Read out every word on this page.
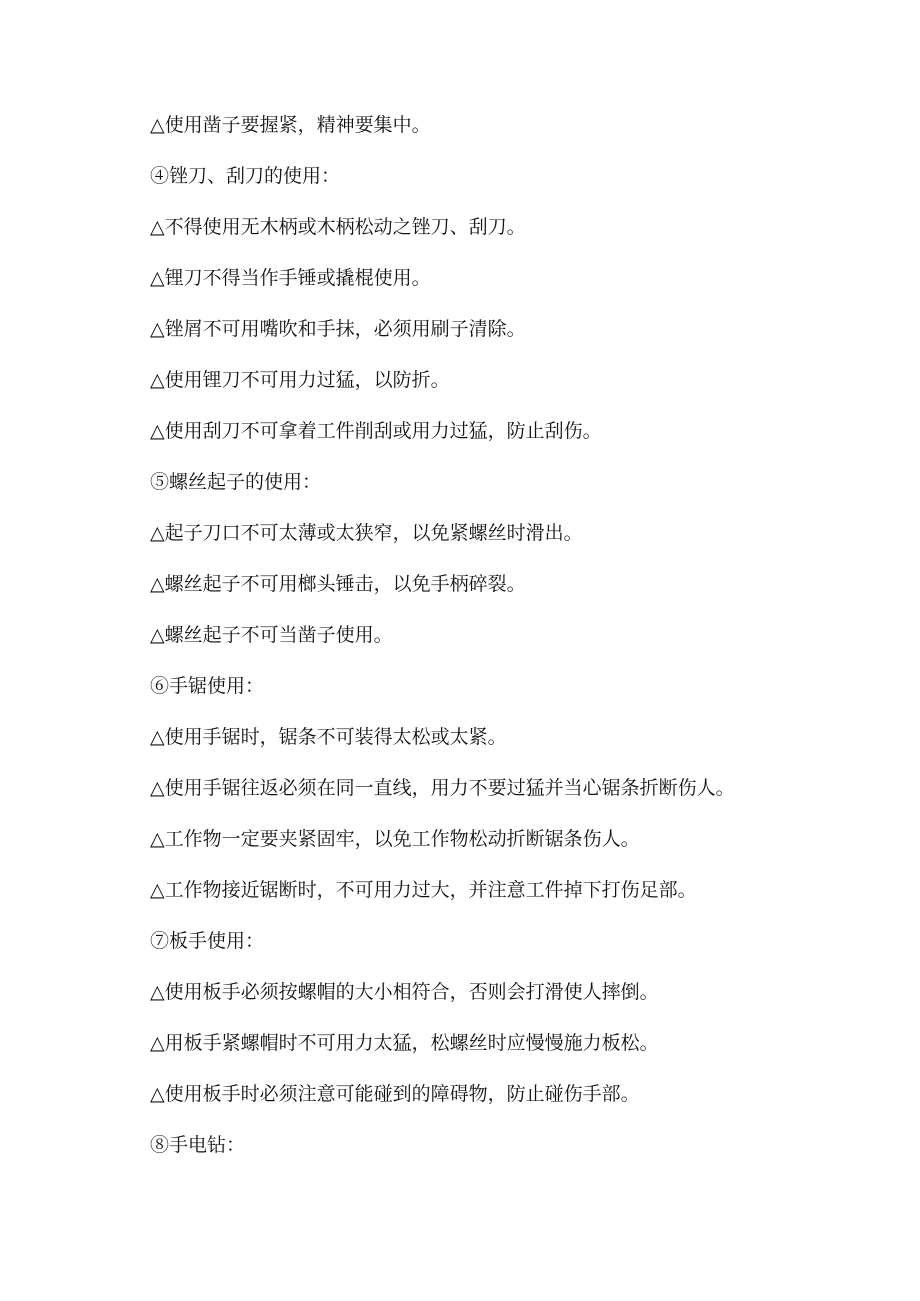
△使用凿子要握紧，精神要集中。

④锉刀、刮刀的使用：

△不得使用无木柄或木柄松动之锉刀、刮刀。

△锂刀不得当作手锤或撬棍使用。

△锉屑不可用嘴吹和手抹，必须用刷子清除。

△使用锂刀不可用力过猛，以防折。

△使用刮刀不可拿着工件削刮或用力过猛，防止刮伤。

⑤螺丝起子的使用：

△起子刀口不可太薄或太狭窄，以免紧螺丝时滑出。

△螺丝起子不可用榔头锤击，以免手柄碎裂。

△螺丝起子不可当凿子使用。

⑥手锯使用：

△使用手锯时，锯条不可装得太松或太紧。

△使用手锯往返必须在同一直线，用力不要过猛并当心锯条折断伤人。

△工作物一定要夹紧固牢，以免工作物松动折断锯条伤人。

△工作物接近锯断时，不可用力过大，并注意工件掉下打伤足部。

⑦板手使用：

△使用板手必须按螺帽的大小相符合，否则会打滑使人摔倒。

△用板手紧螺帽时不可用力太猛，松螺丝时应慢慢施力板松。

△使用板手时必须注意可能碰到的障碍物，防止碰伤手部。

⑧手电钻：
